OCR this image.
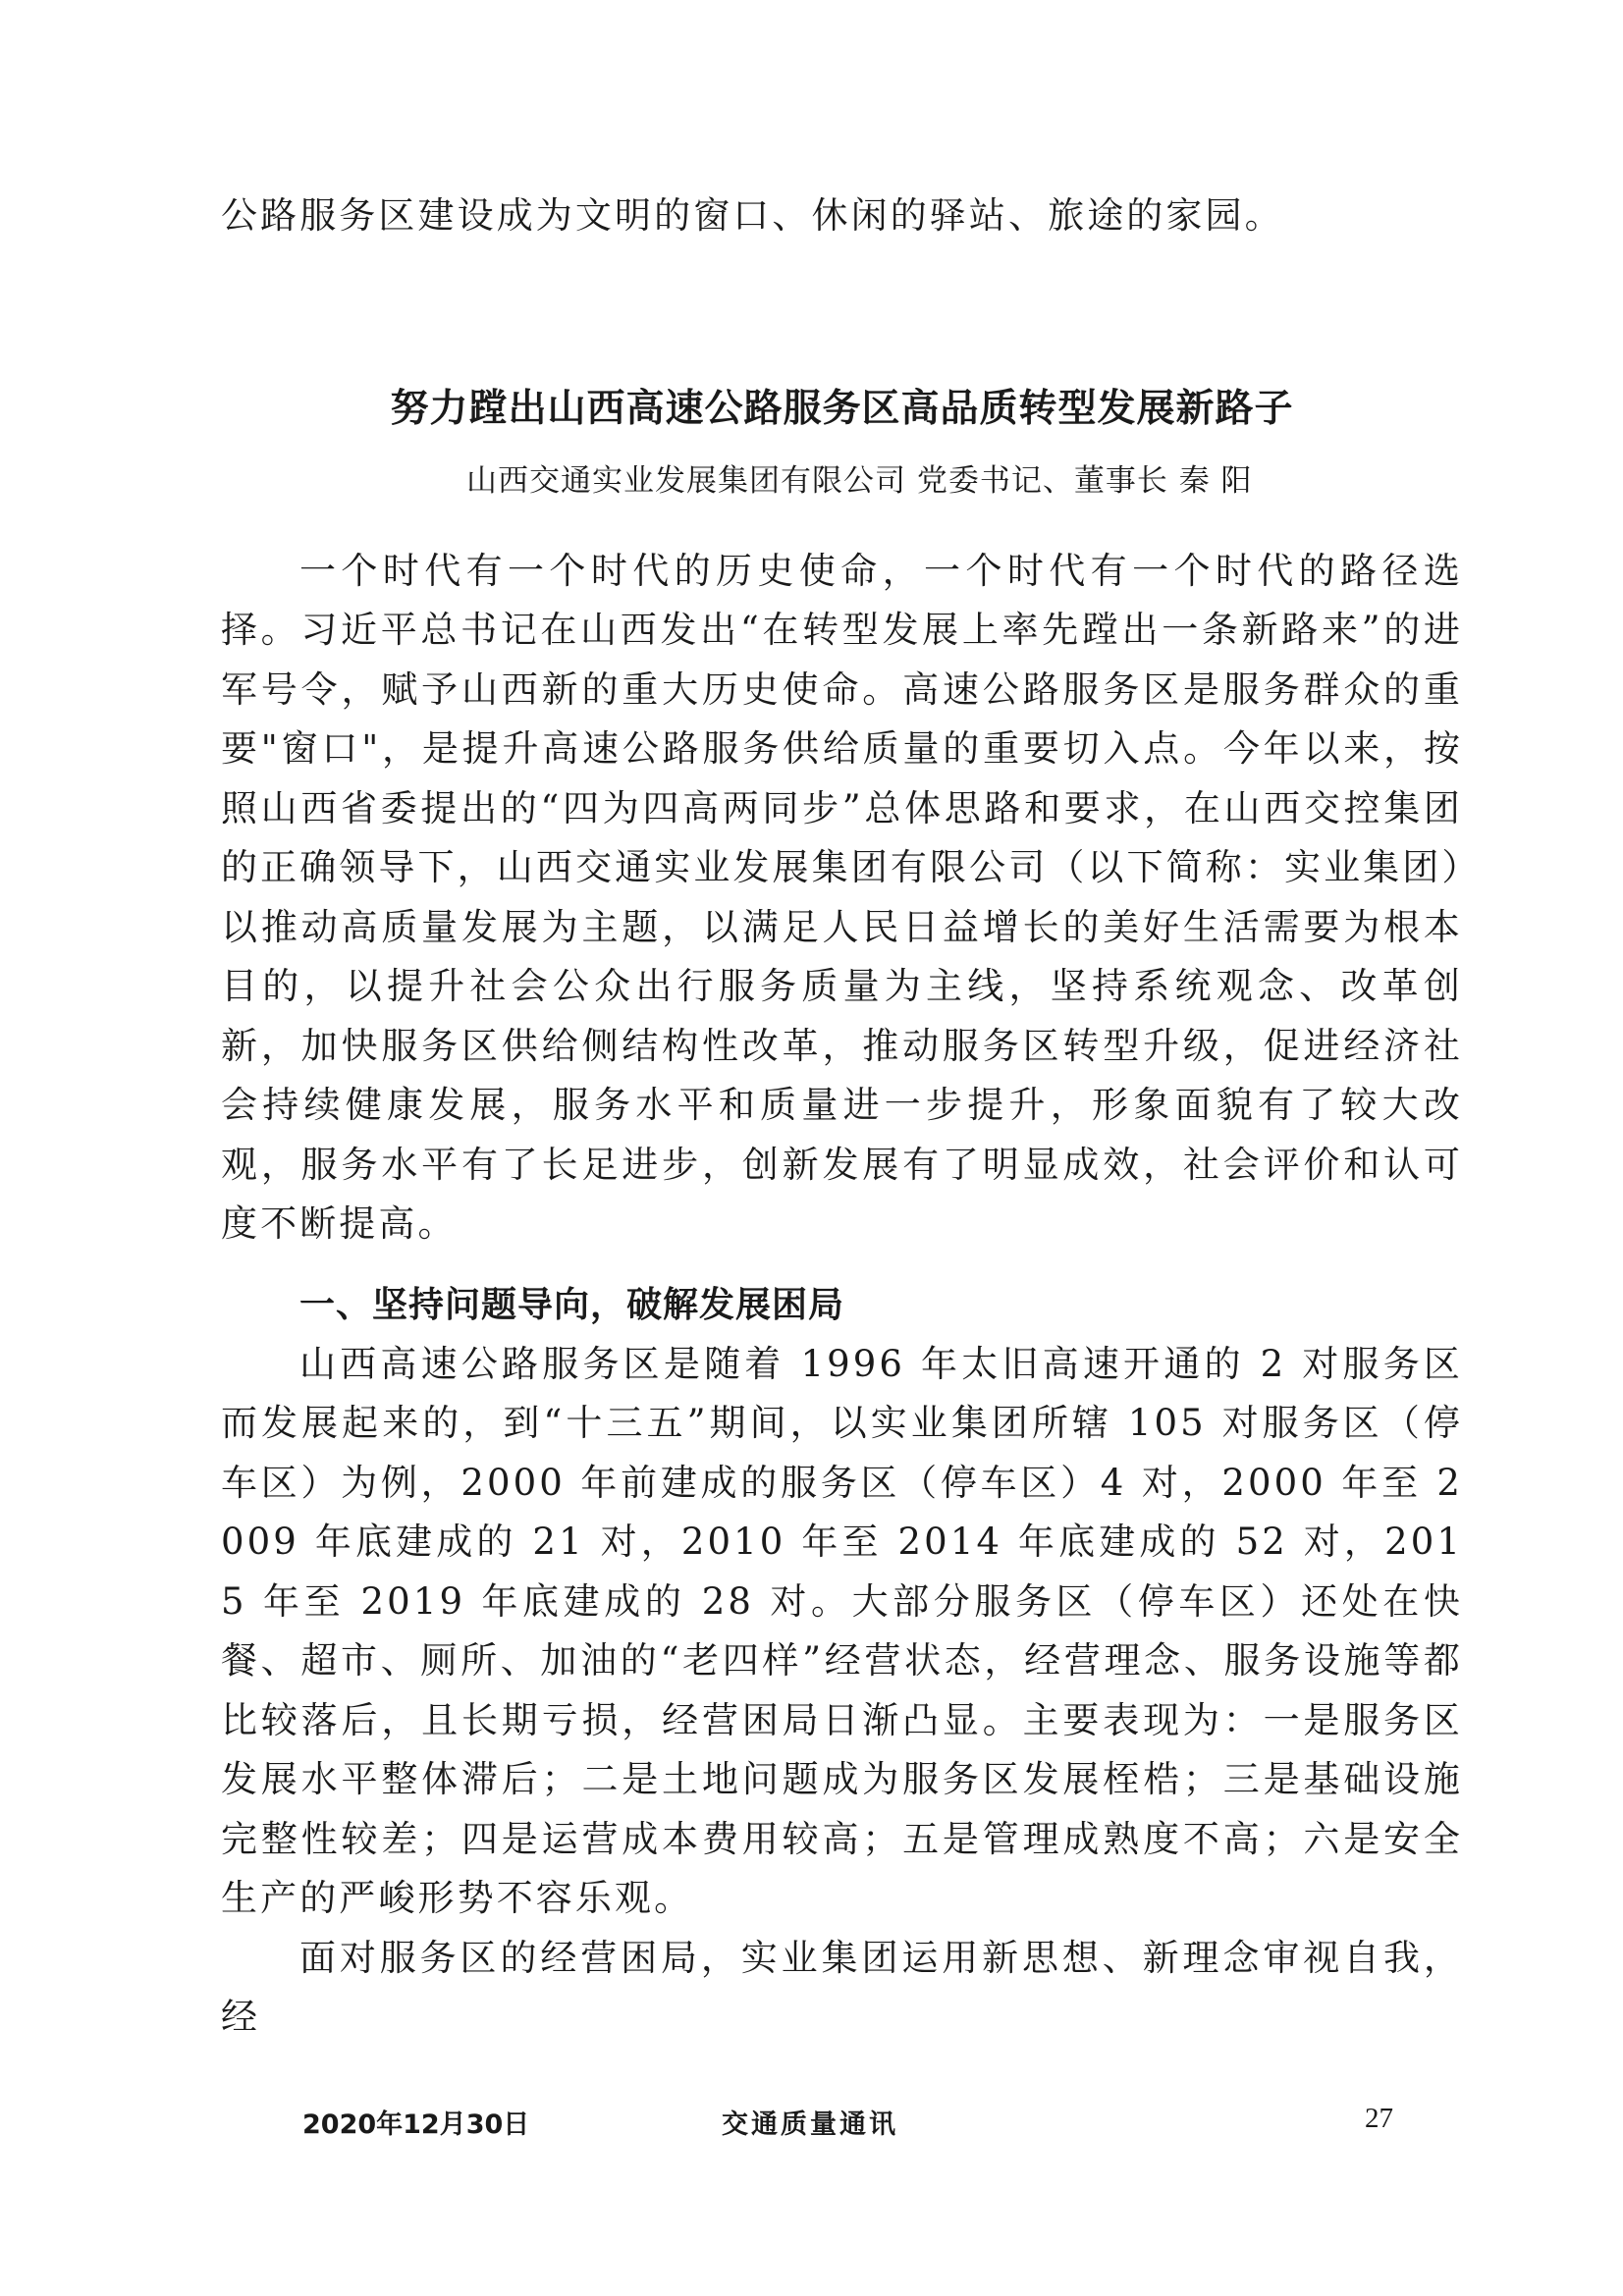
公路服务区建设成为文明的窗口、休闲的驿站、旅途的家园。

努力蹚出山西高速公路服务区高品质转型发展新路子
山西交通实业发展集团有限公司 党委书记、董事长 秦 阳

一个时代有一个时代的历史使命，一个时代有一个时代的路径选择。习近平总书记在山西发出“在转型发展上率先蹚出一条新路来”的进军号令，赋予山西新的重大历史使命。高速公路服务区是服务群众的重要"窗口"，是提升高速公路服务供给质量的重要切入点。今年以来，按照山西省委提出的“四为四高两同步”总体思路和要求，在山西交控集团的正确领导下，山西交通实业发展集团有限公司（以下简称：实业集团）以推动高质量发展为主题，以满足人民日益增长的美好生活需要为根本目的，以提升社会公众出行服务质量为主线，坚持系统观念、改革创新，加快服务区供给侧结构性改革，推动服务区转型升级，促进经济社会持续健康发展，服务水平和质量进一步提升，形象面貌有了较大改观，服务水平有了长足进步，创新发展有了明显成效，社会评价和认可度不断提高。

一、坚持问题导向，破解发展困局

山西高速公路服务区是随着 1996 年太旧高速开通的 2 对服务区而发展起来的，到“十三五”期间，以实业集团所辖 105 对服务区（停车区）为例，2000 年前建成的服务区（停车区）4 对，2000 年至 2009 年底建成的 21 对，2010 年至 2014 年底建成的 52 对，2015 年至 2019 年底建成的 28 对。大部分服务区（停车区）还处在快餐、超市、厕所、加油的“老四样”经营状态，经营理念、服务设施等都比较落后，且长期亏损，经营困局日渐凸显。主要表现为：一是服务区发展水平整体滞后；二是土地问题成为服务区发展桎梏；三是基础设施完整性较差；四是运营成本费用较高；五是管理成熟度不高；六是安全生产的严峻形势不容乐观。

面对服务区的经营困局，实业集团运用新思想、新理念审视自我，经

2020年12月30日	交通质量通讯	27
